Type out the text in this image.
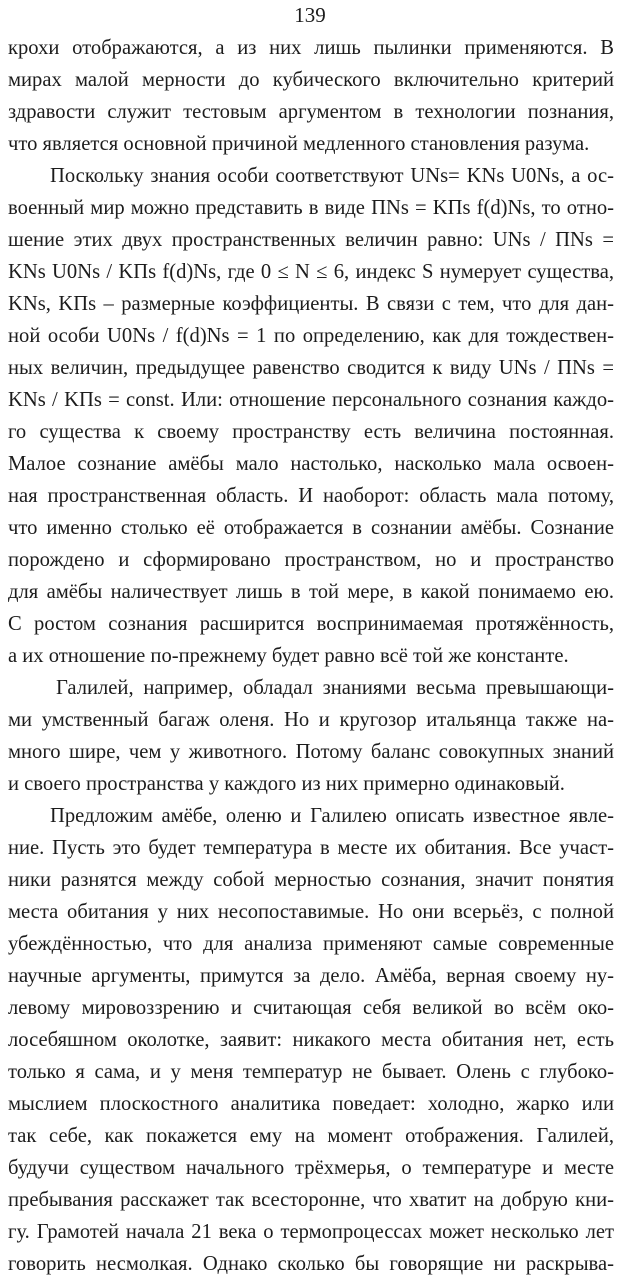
139
крохи отображаются, а из них лишь пылинки применяются. В
мирах малой мерности до кубического включительно критерий
здравости служит тестовым аргументом в технологии познания,
что является основной причиной медленного становления разума.
Поскольку знания особи соответствуют UNs= KNs U0Ns, а ос-
военный мир можно представить в виде ПNs = KПs f(d)Ns, то отно-
шение этих двух пространственных величин равно: UNs / ПNs =
KNs U0Ns / KПs f(d)Ns, где 0 ≤ N ≤ 6, индекс S нумерует существа,
KNs, KПs – размерные коэффициенты. В связи с тем, что для дан-
ной особи U0Ns / f(d)Ns = 1 по определению, как для тождествен-
ных величин, предыдущее равенство сводится к виду UNs / ПNs =
KNs / KПs = const. Или: отношение персонального сознания каждо-
го существа к своему пространству есть величина постоянная.
Малое сознание амёбы мало настолько, насколько мала освоен-
ная пространственная область. И наоборот: область мала потому,
что именно столько её отображается в сознании амёбы. Сознание
порождено и сформировано пространством, но и пространство
для амёбы наличествует лишь в той мере, в какой понимаемо ею.
С ростом сознания расширится воспринимаемая протяжённость,
а их отношение по-прежнему будет равно всё той же константе.
Галилей, например, обладал знаниями весьма превышающи-
ми умственный багаж оленя. Но и кругозор итальянца также на-
много шире, чем у животного. Потому баланс совокупных знаний
и своего пространства у каждого из них примерно одинаковый.
Предложим амёбе, оленю и Галилею описать известное явле-
ние. Пусть это будет температура в месте их обитания. Все участ-
ники разнятся между собой мерностью сознания, значит понятия
места обитания у них несопоставимые. Но они всерьёз, с полной
убеждённостью, что для анализа применяют самые современные
научные аргументы, примутся за дело. Амёба, верная своему ну-
левому мировоззрению и считающая себя великой во всём око-
лосебяшном околотке, заявит: никакого места обитания нет, есть
только я сама, и у меня температур не бывает. Олень с глубоко-
мыслием плоскостного аналитика поведает: холодно, жарко или
так себе, как покажется ему на момент отображения. Галилей,
будучи существом начального трёхмерья, о температуре и месте
пребывания расскажет так всесторонне, что хватит на добрую кни-
гу. Грамотей начала 21 века о термопроцессах может несколько лет
говорить несмолкая. Однако сколько бы говорящие ни раскрыва-
